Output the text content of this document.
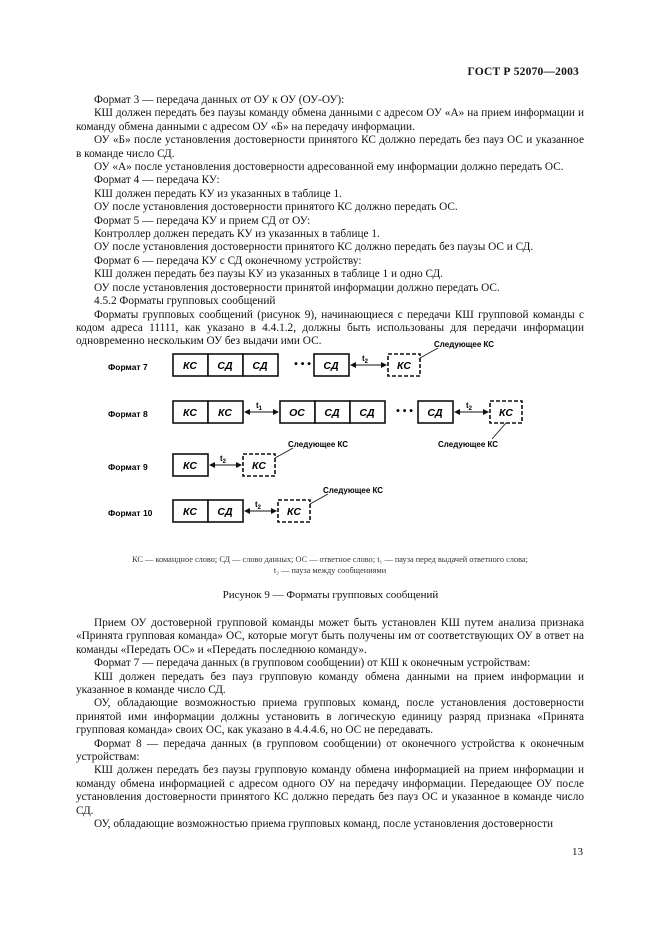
ГОСТ Р 52070—2003

Формат 3 — передача данных от ОУ к ОУ (ОУ-ОУ):

КШ должен передать без паузы команду обмена данными с адресом ОУ «А» на прием информации и команду обмена данными с адресом ОУ «Б» на передачу информации.

ОУ «Б» после установления достоверности принятого КС должно передать без пауз ОС и указанное в команде число СД.

ОУ «А» после установления достоверности адресованной ему информации должно передать ОС.

Формат 4 — передача КУ:

КШ должен передать КУ из указанных в таблице 1.

ОУ после установления достоверности принятого КС должно передать ОС.

Формат 5 — передача КУ и прием СД от ОУ:

Контроллер должен передать КУ из указанных в таблице 1.

ОУ после установления достоверности принятого КС должно передать без паузы ОС и СД.

Формат 6 — передача КУ с СД оконечному устройству:

КШ должен передать без паузы КУ из указанных в таблице 1 и одно СД.

ОУ после установления достоверности принятой информации должно передать ОС.

4.5.2 Форматы групповых сообщений

Форматы групповых сообщений (рисунок 9), начинающиеся с передачи КШ групповой команды с кодом адреса 11111, как указано в 4.4.1.2, должны быть использованы для передачи информации одновременно нескольким ОУ без выдачи ими ОС.

Формат 7	КС СД СД	• • • СД
$t_2$	КС
Следующее КС
Формат 8	КС КС
$t_1$	ОС СД СД • • • СД
$t_2$	КС
Следующее КС
Формат 9	КС
$t_2$ КС
Следующее КС
Формат 10	КС СД
$t_2$ КС
Следующее КС
КС — командное слово; СД — слово данных; ОС — ответное слово; t₁ — пауза перед выдачей ответного слова;
t₂ — пауза между сообщениями
Рисунок 9 — Форматы групповых сообщений

Прием ОУ достоверной групповой команды может быть установлен КШ путем анализа признака «Принята групповая команда» ОС, которые могут быть получены им от соответствующих ОУ в ответ на команды «Передать ОС» и «Передать последнюю команду».

Формат 7 — передача данных (в групповом сообщении) от КШ к оконечным устройствам:

КШ должен передать без пауз групповую команду обмена данными на прием информации и указанное в команде число СД.

ОУ, обладающие возможностью приема групповых команд, после установления достоверности принятой ими информации должны установить в логическую единицу разряд признака «Принята групповая команда» своих ОС, как указано в 4.4.4.6, но ОС не передавать.

Формат 8 — передача данных (в групповом сообщении) от оконечного устройства к оконечным устройствам:

КШ должен передать без паузы групповую команду обмена информацией на прием информации и команду обмена информацией с адресом одного ОУ на передачу информации. Передающее ОУ после установления достоверности принятого КС должно передать без пауз ОС и указанное в команде число СД.

ОУ, обладающие возможностью приема групповых команд, после установления достоверности

13
